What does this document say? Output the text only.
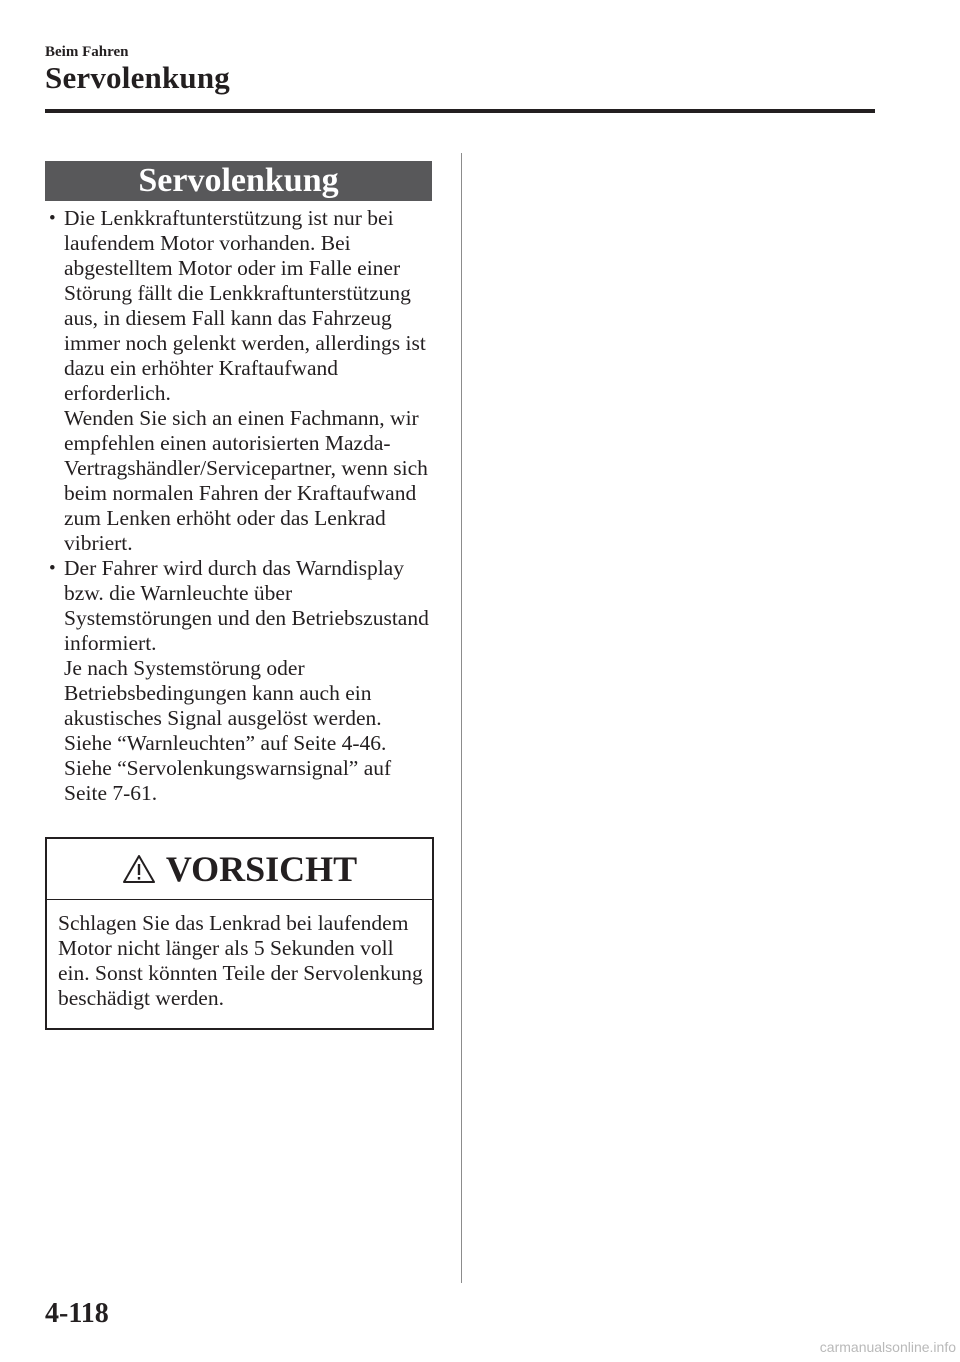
Beim Fahren
Servolenkung
Servolenkung
• Die Lenkkraftunterstützung ist nur bei laufendem Motor vorhanden. Bei abgestelltem Motor oder im Falle einer Störung fällt die Lenkkraftunterstützung aus, in diesem Fall kann das Fahrzeug immer noch gelenkt werden, allerdings ist dazu ein erhöhter Kraftaufwand erforderlich.

Wenden Sie sich an einen Fachmann, wir empfehlen einen autorisierten Mazda-Vertragshändler/Servicepartner, wenn sich beim normalen Fahren der Kraftaufwand zum Lenken erhöht oder das Lenkrad vibriert.

• Der Fahrer wird durch das Warndisplay bzw. die Warnleuchte über Systemstörungen und den Betriebszustand informiert.

Je nach Systemstörung oder Betriebsbedingungen kann auch ein akustisches Signal ausgelöst werden.

Siehe “Warnleuchten” auf Seite 4-46.

Siehe “Servolenkungswarnsignal” auf Seite 7-61.

VORSICHT
Schlagen Sie das Lenkrad bei laufendem Motor nicht länger als 5 Sekunden voll ein. Sonst könnten Teile der Servolenkung beschädigt werden.
4-118
carmanualsonline.info
